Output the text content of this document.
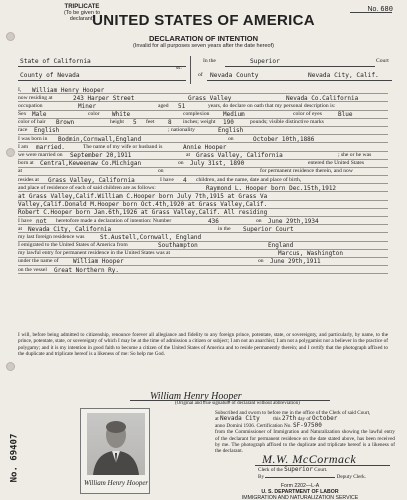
TRIPLICATE
(To be given to
declarant)
No. 680
UNITED STATES OF AMERICA
DECLARATION OF INTENTION
(Invalid for all purposes seven years after the date hereof)
State of California
County of Nevada
ss:
In the	Superior	Court
of Nevada County	Nevada City, Calif.
I, William Henry Hooper
now residing at	243 Harper Street	Grass Valley	Nevada Co.California
occupation	Miner	aged 51	years, do declare on oath that my personal description is:
Sex Male	color White	complexion Medium	color of eyes	Blue
color of hair Brown	height 5 feet 8 inches; weight 190	pounds; visible distinctive marks
race English	; nationality	English
I was born in Bodmin,Cornwall,England	on	October 10th,1886
I am married.	The name of my wife or husband is	Annie Hooper
we were married on September 20,1911	at Grass Valley, California	; she or he was
born at Central,Keweenaw Co.Michigan	on July 31st, 1890	entered the United States
at	on	for permanent residence therein, and now
resides at Grass Valley, California	I have 4 children, and the name, date and place of birth,
and place of residence of each of said children are as follows:	Raymond L. Hooper born Dec.15th,1912
at Grass Valley,Calif.William C.Hooper born July 7th,1915 at Grass Va
Valley,Calif.Donald M.Hooper born Oct.4th,1920 at Grass Valley,Calif.
Robert C.Hooper born Jan.6th,1926 at Grass Valley,Calif. All residing
I have not heretofore made a declaration of intention: Number	436	on June 29th,1934
at Nevada City, California	in the Superior Court
my last foreign residence was	St.Austell,Cornwall, England
I emigrated to the United States of America from	Southampton	England
my lawful entry for permanent residence in the United States was at	Marcus, Washington
under the name of William Hooper	on June 29th,1911
on the vessel Great Northern Ry.
I will, before being admitted to citizenship, renounce forever all allegiance and fidelity to any foreign prince, potentate, state, or sovereignty, and particularly, by name, to the prince, potentate, state, or sovereignty of which I may be at the time of admission a citizen or subject; I am not an anarchist; I am not a polygamist nor a believer in the practice of polygamy; and it is my intention in good faith to become a citizen of the United States of America and to reside permanently therein; and I certify that the photograph affixed to the duplicate and triplicate hereof is a likeness of me: So help me God.
William Henry Hooper
(Original and true signature of declarant without abbreviation)
No. 69407
William Henry Hooper
Subscribed and sworn to before me in the office of the Clerk of said Court,
at Nevada City	this 27th day of October
anno Domini 1936. Certification No. SF-97500
from the Commissioner of Immigration and Naturalization showing the lawful entry of the declarant for permanent residence on the date stated above, has been received by me. The photograph affixed to the duplicate and triplicate hereof is a likeness of the declarant.
M.W. McCormack
Clerk of the Superior Court.
By	Deputy Clerk.
Form 2202—L-A
U. S. DEPARTMENT OF LABOR
IMMIGRATION AND NATURALIZATION SERVICE
